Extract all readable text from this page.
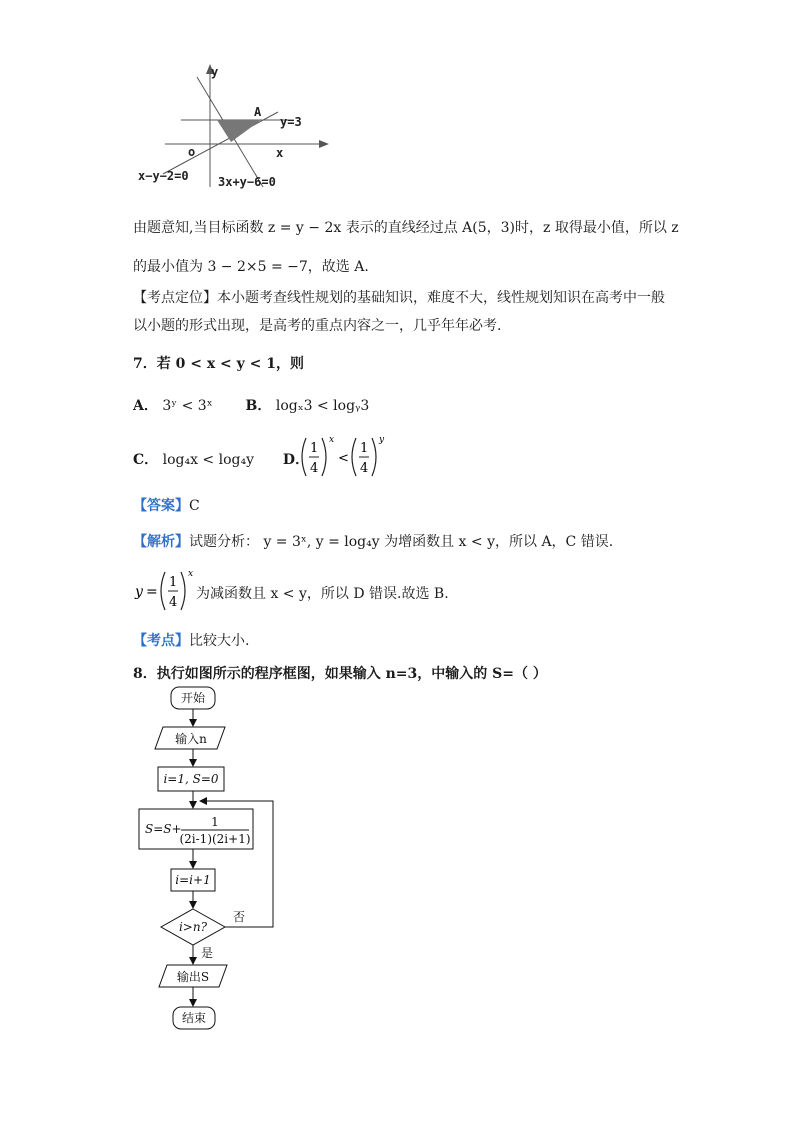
y
x
o
A
y=3
x−y−2=0 3x+y−6=0
由题意知,当目标函数 z = y − 2x 表示的直线经过点 A(5，3)时，z 取得最小值，所以 z
的最小值为 3 − 2×5 = −7，故选 A.
【考点定位】本小题考查线性规划的基础知识，难度不大，线性规划知识在高考中一般
以小题的形式出现，是高考的重点内容之一，几乎年年必考.
7．若 0 < x < y < 1，则
A． 3ʸ < 3ˣ B． logₓ3 < logᵧ3
C． log₄x < log₄y D．
1
4
x
<
1
4
y
【答案】C
【解析】试题分析： y = 3ˣ, y = log₄y 为增函数且 x < y，所以 A，C 错误.
y =
1
4
x
为减函数且 x < y，所以 D 错误.故选 B.
【考点】比较大小.
8．执行如图所示的程序框图，如果输入 n=3，中输入的 S=（ ）
开始
输入n
i=1, S=0
S=S+ 1
(2i-1)(2i+1)
i=i+1
i>n?
否
是
输出S
结束
